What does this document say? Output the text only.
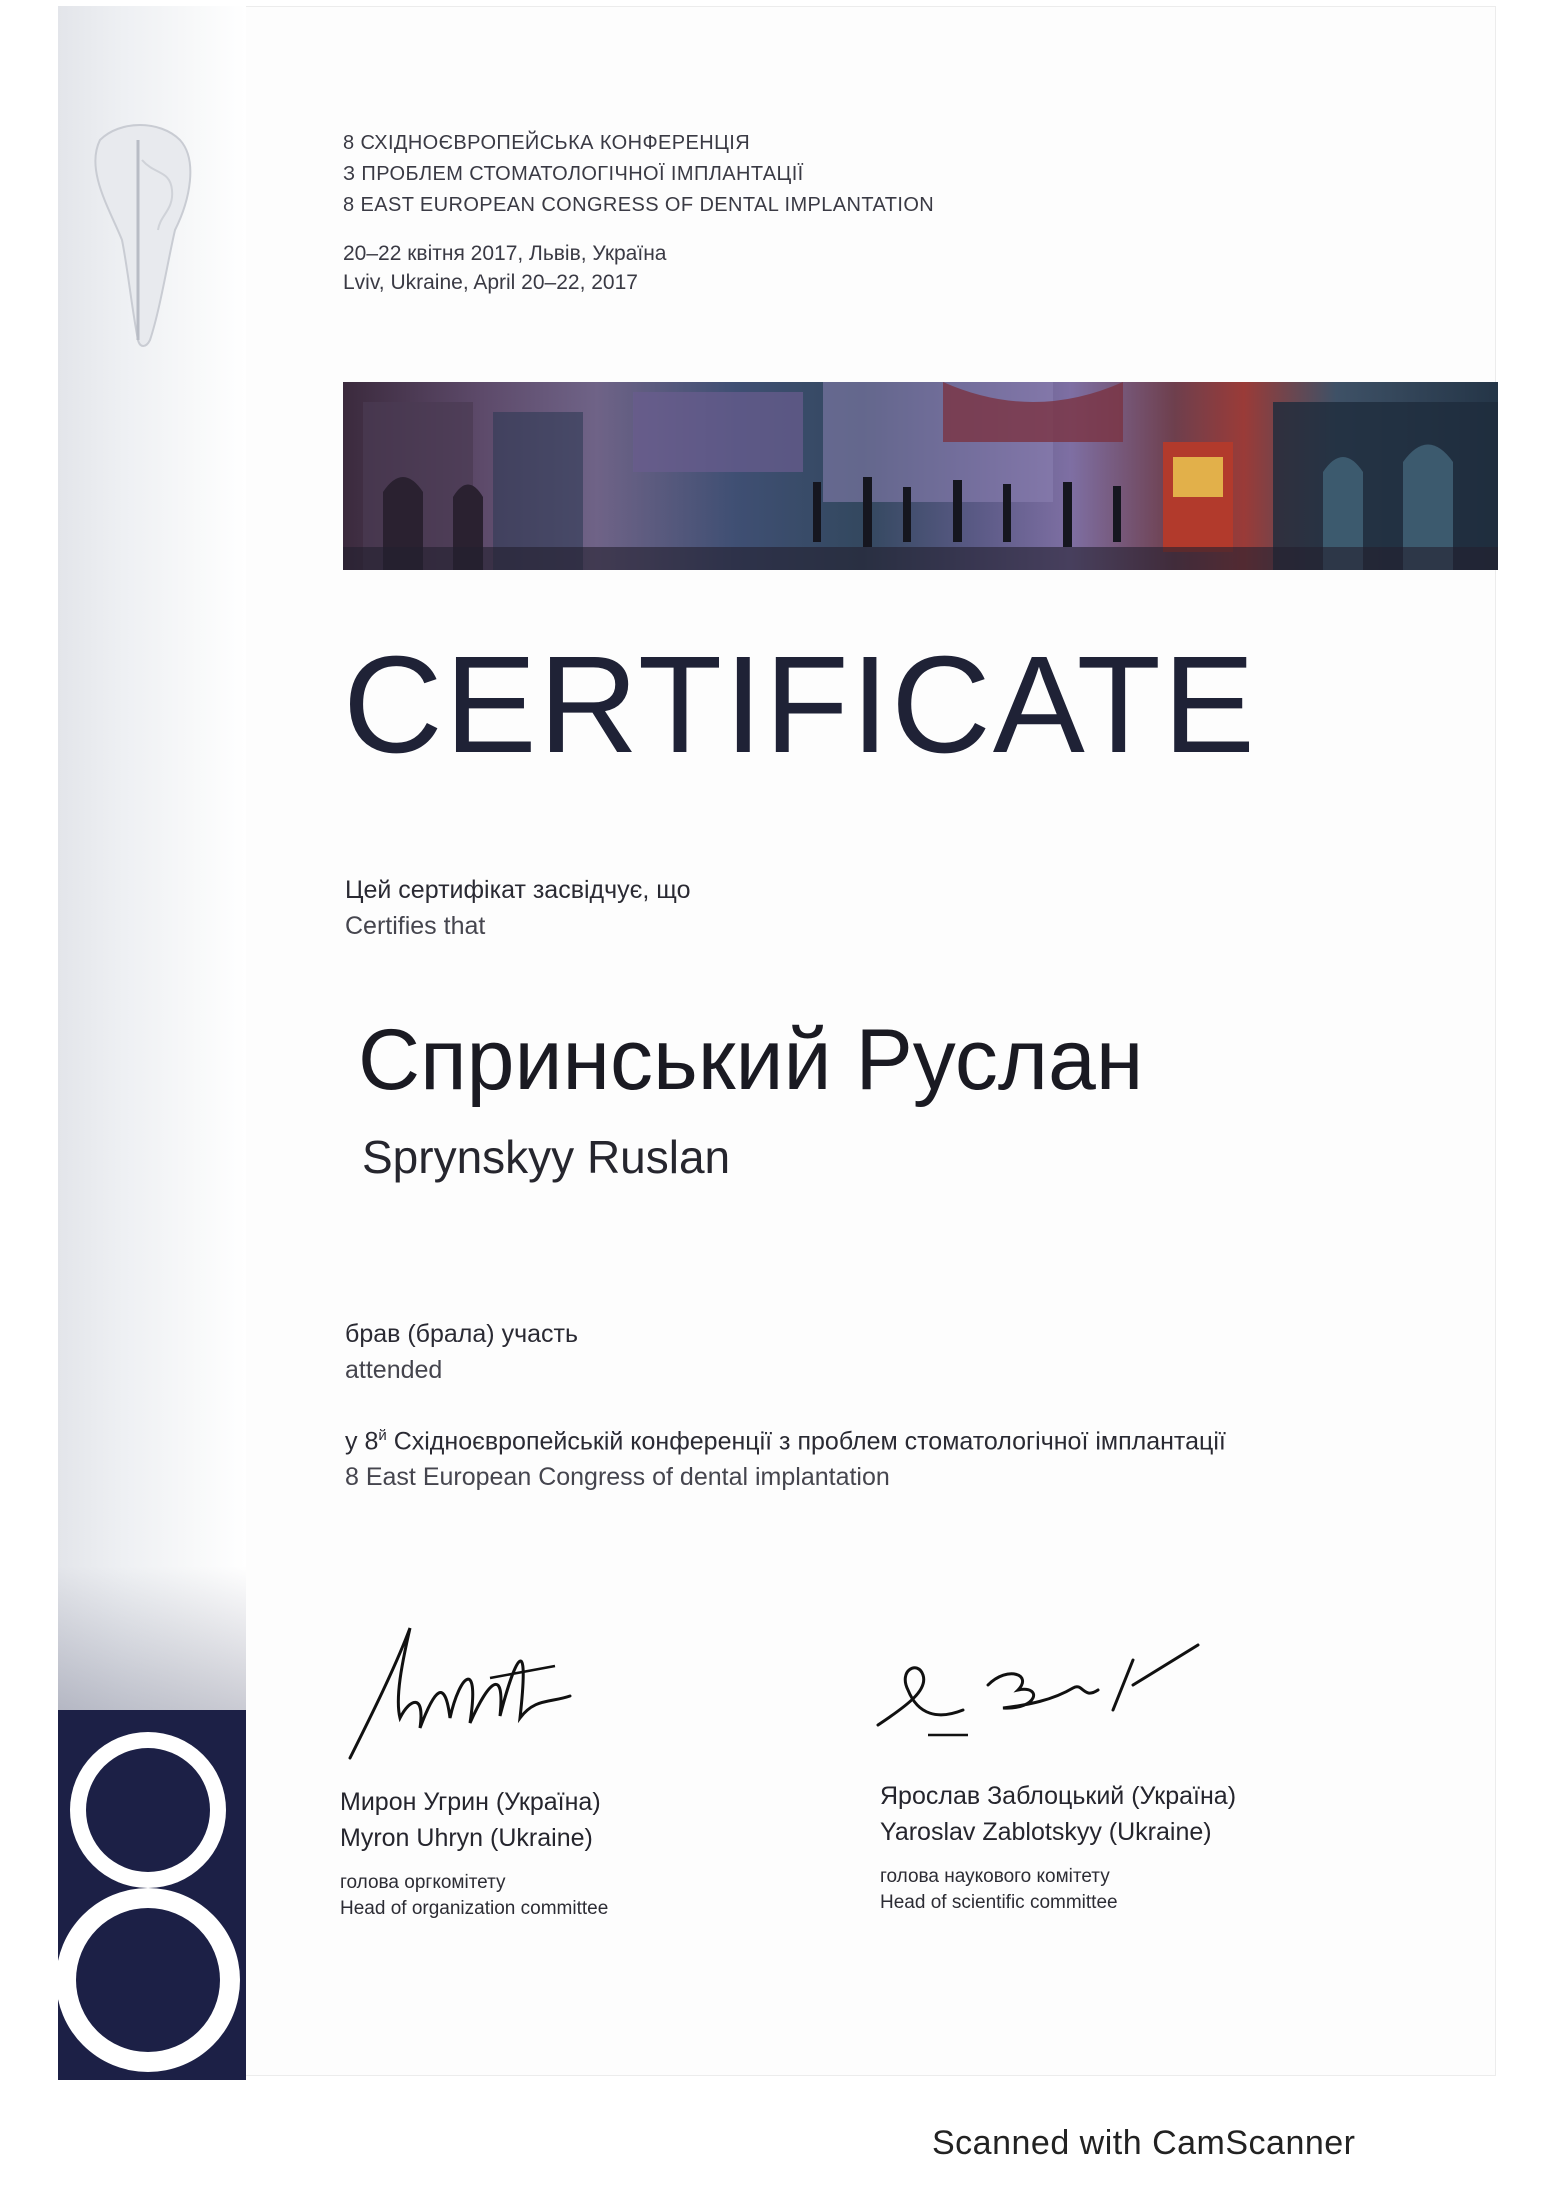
8 СХІДНОЄВРОПЕЙСЬКА КОНФЕРЕНЦІЯ
З ПРОБЛЕМ СТОМАТОЛОГІЧНОЇ ІМПЛАНТАЦІЇ
8 EAST EUROPEAN CONGRESS OF DENTAL IMPLANTATION
20–22 квітня 2017, Львів, Україна
Lviv, Ukraine, April 20–22, 2017
CERTIFICATE
Цей сертифікат засвідчує, що
Certifies that
Спринський Руслан
Sprynskyy Ruslan
брав (брала) участь
attended
у $8^й$ Східноєвропейській конференції з проблем стоматологічної імплантації
8 East European Congress of dental implantation
Мирон Угрин (Україна)
Myron Uhryn (Ukraine)
голова оргкомітету
Head of organization committee
Ярослав Заблоцький (Україна)
Yaroslav Zablotskyy (Ukraine)
голова наукового комітету
Head of scientific committee
Scanned with CamScanner
